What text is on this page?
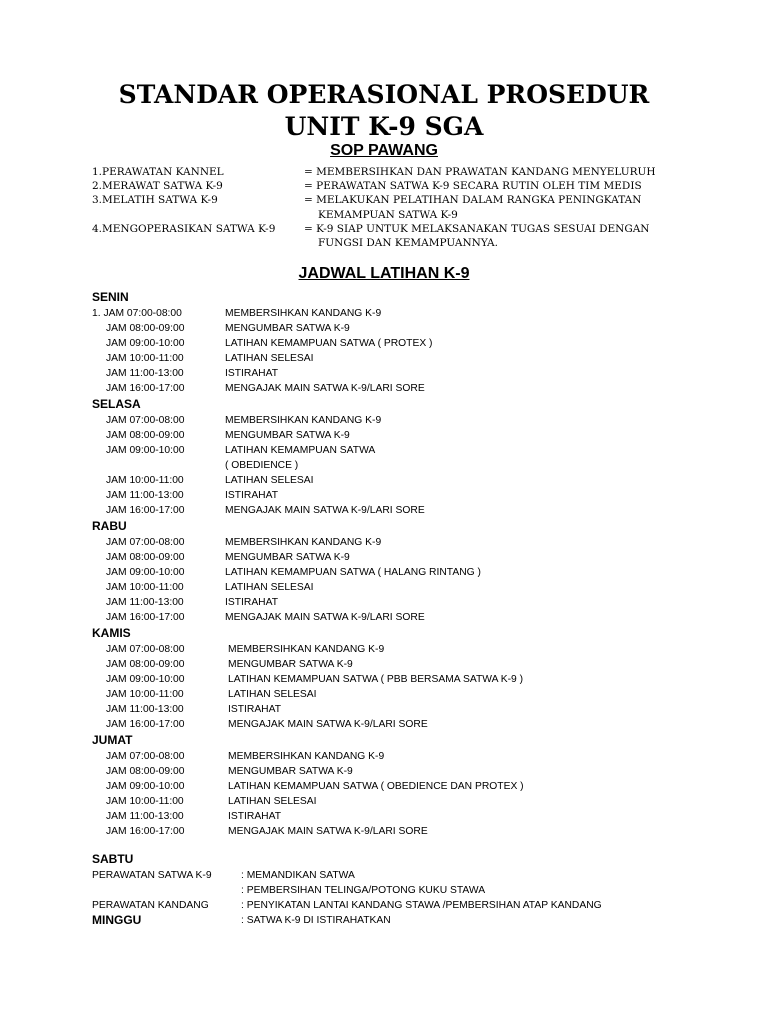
STANDAR OPERASIONAL PROSEDUR
UNIT K-9 SGA
SOP PAWANG
1.PERAWATAN KANNEL	= MEMBERSIHKAN DAN PRAWATAN KANDANG MENYELURUH
2.MERAWAT SATWA K-9	= PERAWATAN SATWA K-9 SECARA RUTIN OLEH TIM MEDIS
3.MELATIH SATWA K-9	= MELAKUKAN PELATIHAN DALAM RANGKA PENINGKATAN
KEMAMPUAN SATWA K-9
4.MENGOPERASIKAN SATWA K-9	= K-9 SIAP UNTUK MELAKSANAKAN TUGAS SESUAI DENGAN
FUNGSI DAN KEMAMPUANNYA.
JADWAL LATIHAN K-9
SENIN
1. JAM 07:00-08:00	MEMBERSIHKAN KANDANG K-9
JAM 08:00-09:00	MENGUMBAR SATWA K-9
JAM 09:00-10:00	LATIHAN KEMAMPUAN SATWA ( PROTEX )
JAM 10:00-11:00	LATIHAN SELESAI
JAM 11:00-13:00	ISTIRAHAT
JAM 16:00-17:00	MENGAJAK MAIN SATWA K-9/LARI SORE
SELASA
JAM 07:00-08:00	MEMBERSIHKAN KANDANG K-9
JAM 08:00-09:00	MENGUMBAR SATWA K-9
JAM 09:00-10:00	LATIHAN KEMAMPUAN SATWA
( OBEDIENCE )
JAM 10:00-11:00	LATIHAN SELESAI
JAM 11:00-13:00	ISTIRAHAT
JAM 16:00-17:00	MENGAJAK MAIN SATWA K-9/LARI SORE
RABU
JAM 07:00-08:00	MEMBERSIHKAN KANDANG K-9
JAM 08:00-09:00	MENGUMBAR SATWA K-9
JAM 09:00-10:00	LATIHAN KEMAMPUAN SATWA ( HALANG RINTANG )
JAM 10:00-11:00	LATIHAN SELESAI
JAM 11:00-13:00	ISTIRAHAT
JAM 16:00-17:00	MENGAJAK MAIN SATWA K-9/LARI SORE
KAMIS
JAM 07:00-08:00	MEMBERSIHKAN KANDANG K-9
JAM 08:00-09:00	MENGUMBAR SATWA K-9
JAM 09:00-10:00	LATIHAN KEMAMPUAN SATWA ( PBB BERSAMA SATWA K-9 )
JAM 10:00-11:00	LATIHAN SELESAI
JAM 11:00-13:00	ISTIRAHAT
JAM 16:00-17:00	MENGAJAK MAIN SATWA K-9/LARI SORE
JUMAT
JAM 07:00-08:00	MEMBERSIHKAN KANDANG K-9
JAM 08:00-09:00	MENGUMBAR SATWA K-9
JAM 09:00-10:00	LATIHAN KEMAMPUAN SATWA ( OBEDIENCE DAN PROTEX )
JAM 10:00-11:00	LATIHAN SELESAI
JAM 11:00-13:00	ISTIRAHAT
JAM 16:00-17:00	MENGAJAK MAIN SATWA K-9/LARI SORE
SABTU
PERAWATAN SATWA K-9	: MEMANDIKAN SATWA
: PEMBERSIHAN TELINGA/POTONG KUKU STAWA
PERAWATAN KANDANG	: PENYIKATAN LANTAI KANDANG STAWA /PEMBERSIHAN ATAP KANDANG
MINGGU	: SATWA K-9 DI ISTIRAHATKAN
